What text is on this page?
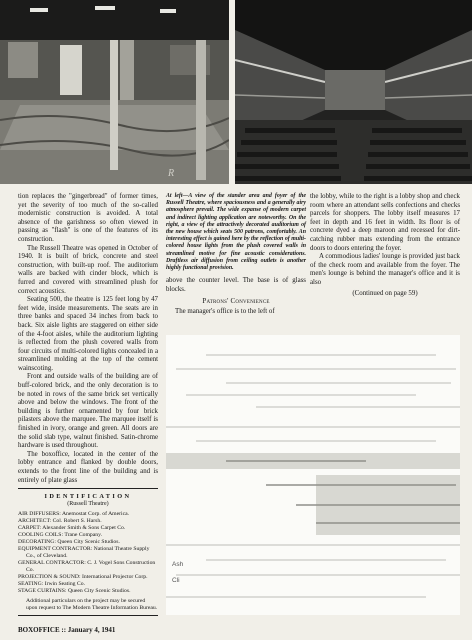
R

tion replaces the "gingerbread" of former times, yet the severity of too much of the so-called modernistic construction is avoided. A total absence of the garishness so often viewed in passing as "flash" is one of the features of its construction.

The Russell Theatre was opened in October of 1940. It is built of brick, concrete and steel construction, with built-up roof. The auditorium walls are backed with cinder block, which is furred and covered with streamlined plush for correct acoustics.

Seating 500, the theatre is 125 feet long by 47 feet wide, inside measurements. The seats are in three banks and spaced 34 inches from back to back. Six aisle lights are staggered on either side of the 4-foot aisles, while the auditorium lighting is reflected from the plush covered walls from four circuits of multi-colored lights concealed in a streamlined molding at the top of the cement wainscoting.

Front and outside walls of the building are of buff-colored brick, and the only decoration is to be noted in rows of the same brick set vertically above and below the windows. The front of the building is further ornamented by four brick pilasters above the marquee. The marquee itself is finished in ivory, orange and green. All doors are the solid slab type, walnut finished. Satin-chrome hardware is used throughout.

The boxoffice, located in the center of the lobby entrance and flanked by double doors, extends to the front line of the building and is entirely of plate glass

IDENTIFICATION
(Russell Theatre)
AIR DIFFUSERS: Anemostat Corp. of America.
ARCHITECT: Col. Robert S. Harsh.
CARPET: Alexander Smith & Sons Carpet Co.
COOLING COILS: Trane Company.
DECORATING: Queen City Scenic Studios.
EQUIPMENT CONTRACTOR: National Theatre Supply Co., of Cleveland.
GENERAL CONTRACTOR: C. J. Vogel Sons Construction Co.
PROJECTION & SOUND: International Projector Corp.
SEATING: Irwin Seating Co.
STAGE CURTAINS: Queen City Scenic Studios.
Additional particulars on the project may be secured upon request to The Modern Theatre Information Bureau.
At left—A view of the stander area and foyer of the Russell Theatre, where spaciousness and a generally airy atmosphere prevail. The wide expanse of modern carpet and indirect lighting application are noteworthy. On the right, a view of the attractively decorated auditorium of the new house which seats 500 patrons, comfortably. An interesting effect is gained here by the reflection of multi-colored house lights from the plush covered walls in streamlined motive for fine acoustic considerations. Draftless air diffusion from ceiling outlets is another highly functional provision.

above the counter level. The base is of glass blocks.

Patrons' Convenience

The manager's office is to the left of

the lobby, while to the right is a lobby shop and check room where an attendant sells confections and checks parcels for shoppers. The lobby itself measures 17 feet in depth and 16 feet in width. Its floor is of concrete dyed a deep maroon and recessed for dirt-catching rubber mats extending from the entrance doors to doors entering the foyer.

A commodious ladies' lounge is provided just back of the check room and available from the foyer. The men's lounge is behind the manager's office and it is also

(Continued on page 59)
Ash
Cli
BOXOFFICE :: January 4, 1941
